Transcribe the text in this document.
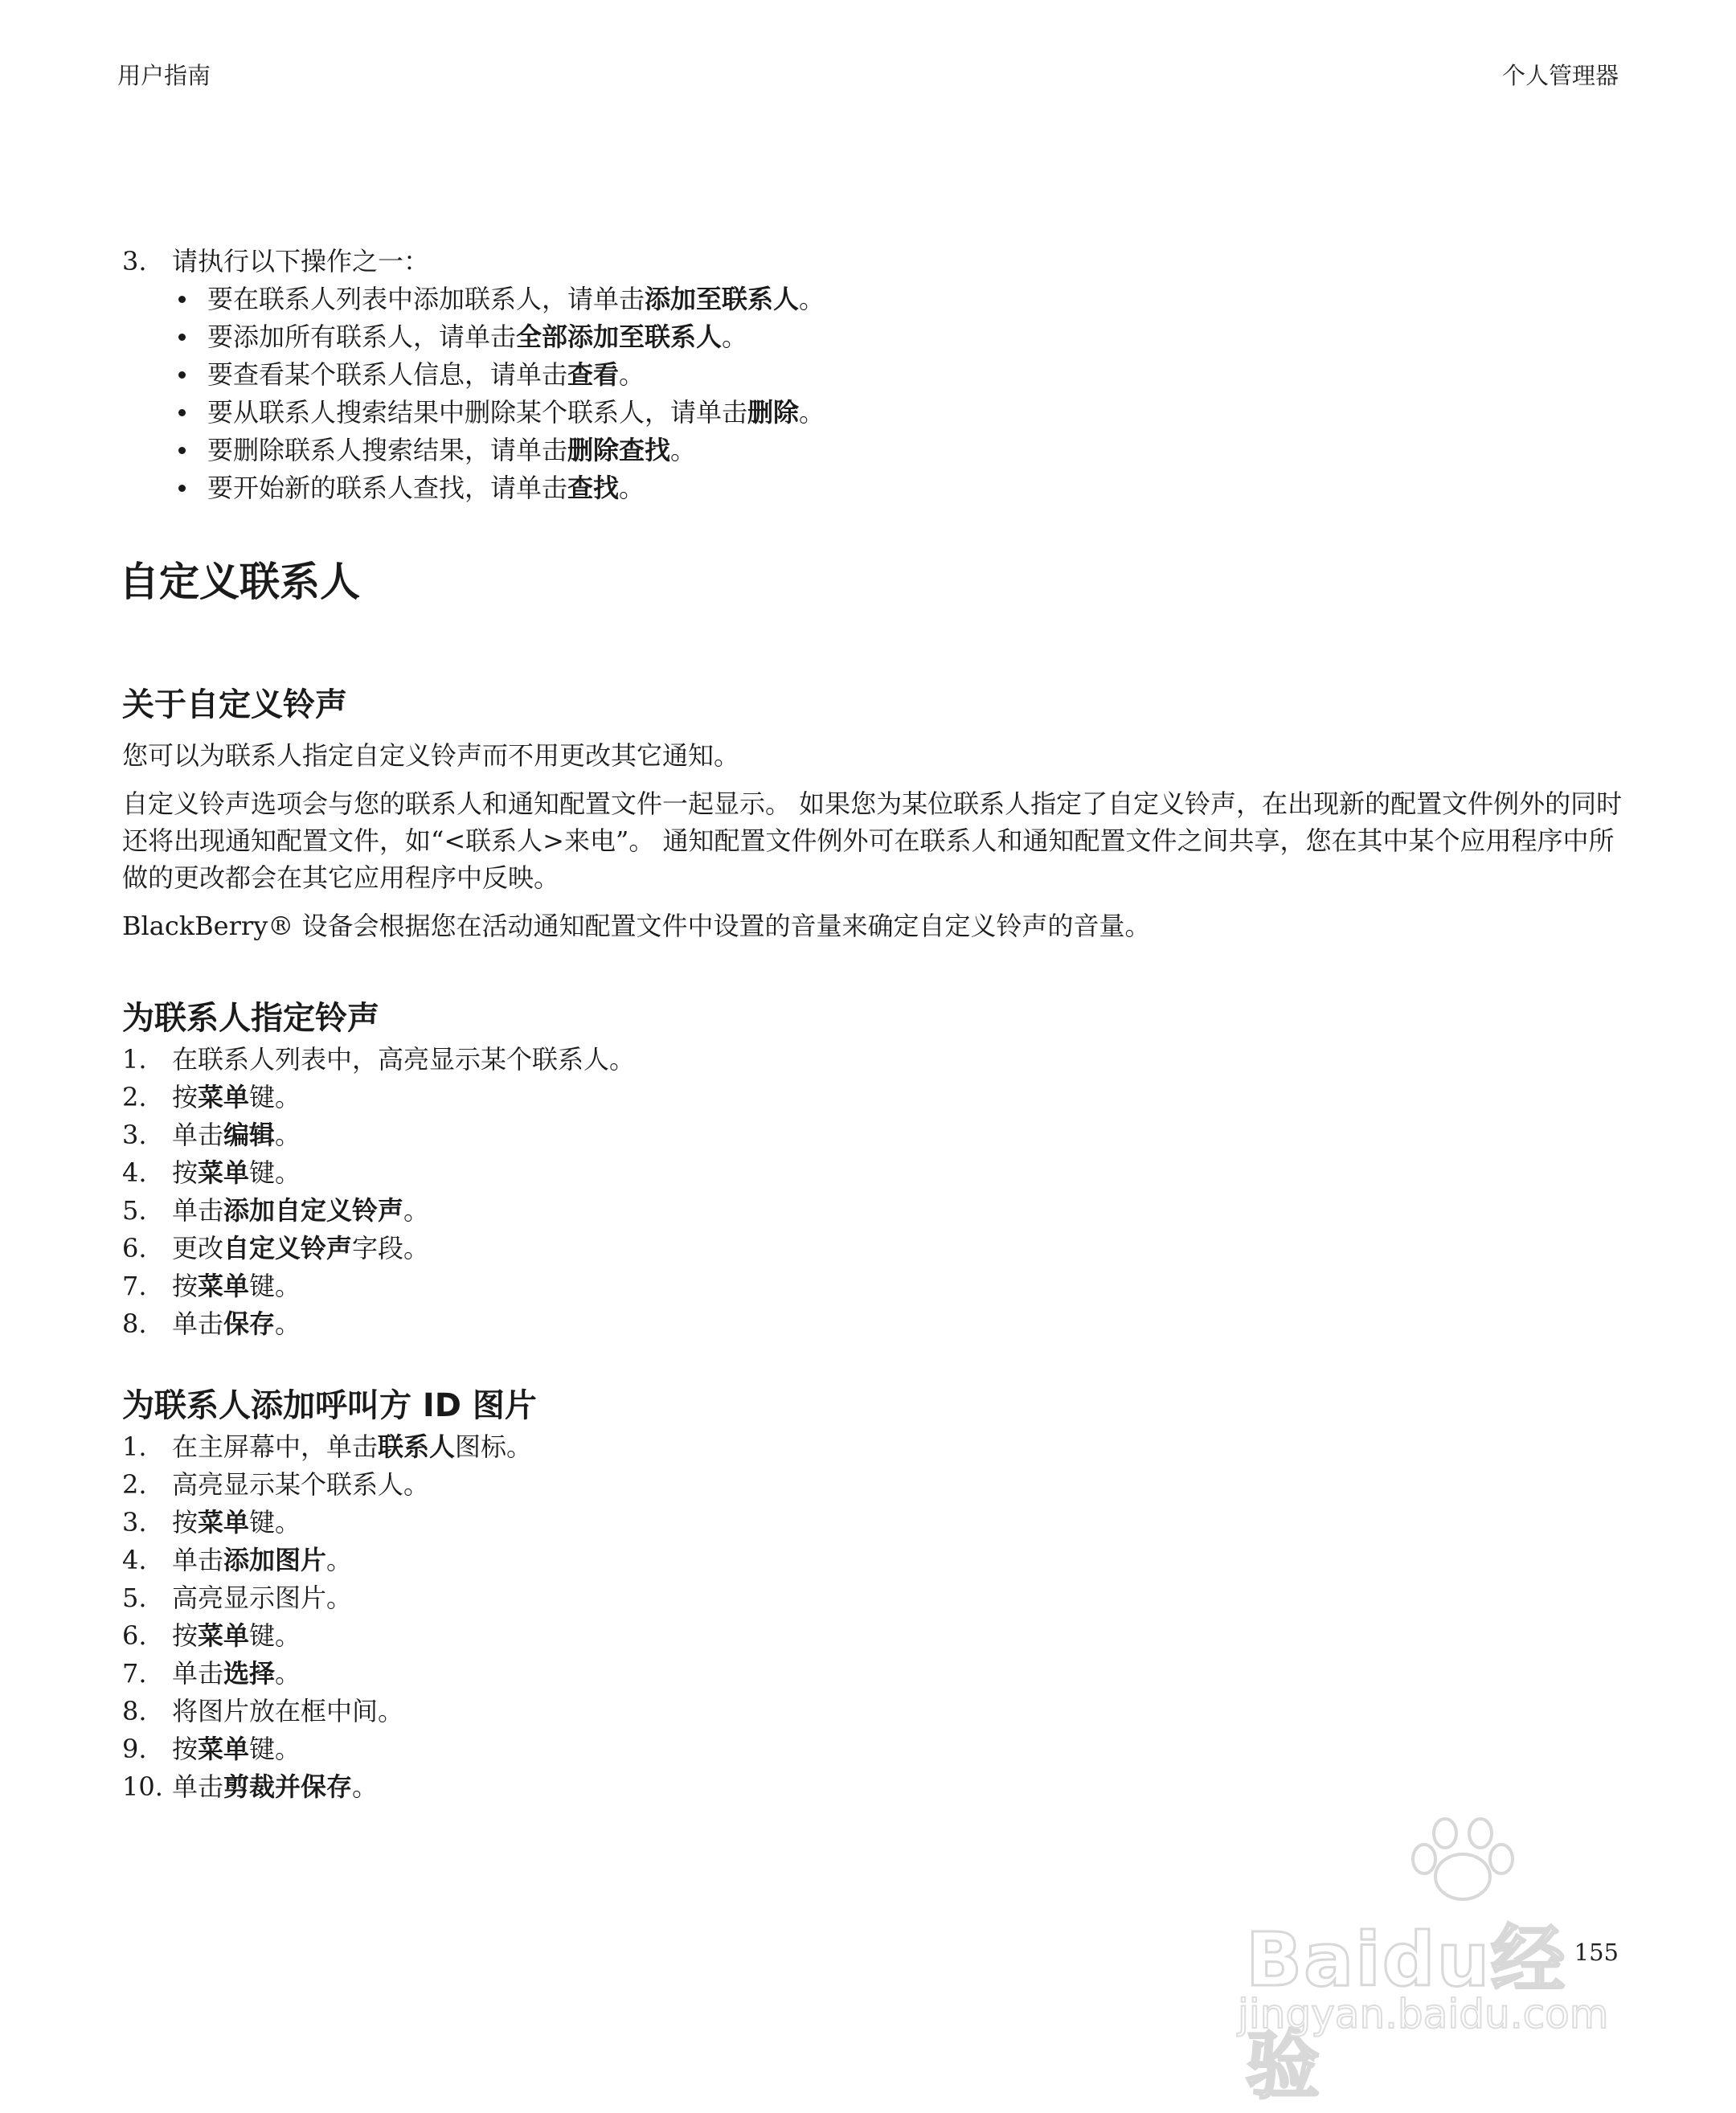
用户指南	个人管理器
3. 请执行以下操作之一：
要在联系人列表中添加联系人，请单击添加至联系人。
要添加所有联系人，请单击全部添加至联系人。
要查看某个联系人信息，请单击查看。
要从联系人搜索结果中删除某个联系人，请单击删除。
要删除联系人搜索结果，请单击删除查找。
要开始新的联系人查找，请单击查找。
自定义联系人
关于自定义铃声

您可以为联系人指定自定义铃声而不用更改其它通知。

自定义铃声选项会与您的联系人和通知配置文件一起显示。 如果您为某位联系人指定了自定义铃声，在出现新的配置文件例外的同时还将出现通知配置文件，如“<联系人>来电”。 通知配置文件例外可在联系人和通知配置文件之间共享，您在其中某个应用程序中所做的更改都会在其它应用程序中反映。

BlackBerry® 设备会根据您在活动通知配置文件中设置的音量来确定自定义铃声的音量。

为联系人指定铃声
1. 在联系人列表中，高亮显示某个联系人。
2. 按菜单键。
3. 单击编辑。
4. 按菜单键。
5. 单击添加自定义铃声。
6. 更改自定义铃声字段。
7. 按菜单键。
8. 单击保存。
为联系人添加呼叫方 ID 图片
1. 在主屏幕中，单击联系人图标。
2. 高亮显示某个联系人。
3. 按菜单键。
4. 单击添加图片。
5. 高亮显示图片。
6. 按菜单键。
7. 单击选择。
8. 将图片放在框中间。
9. 按菜单键。
10. 单击剪裁并保存。
155
Baidu经验
jingyan.baidu.com
